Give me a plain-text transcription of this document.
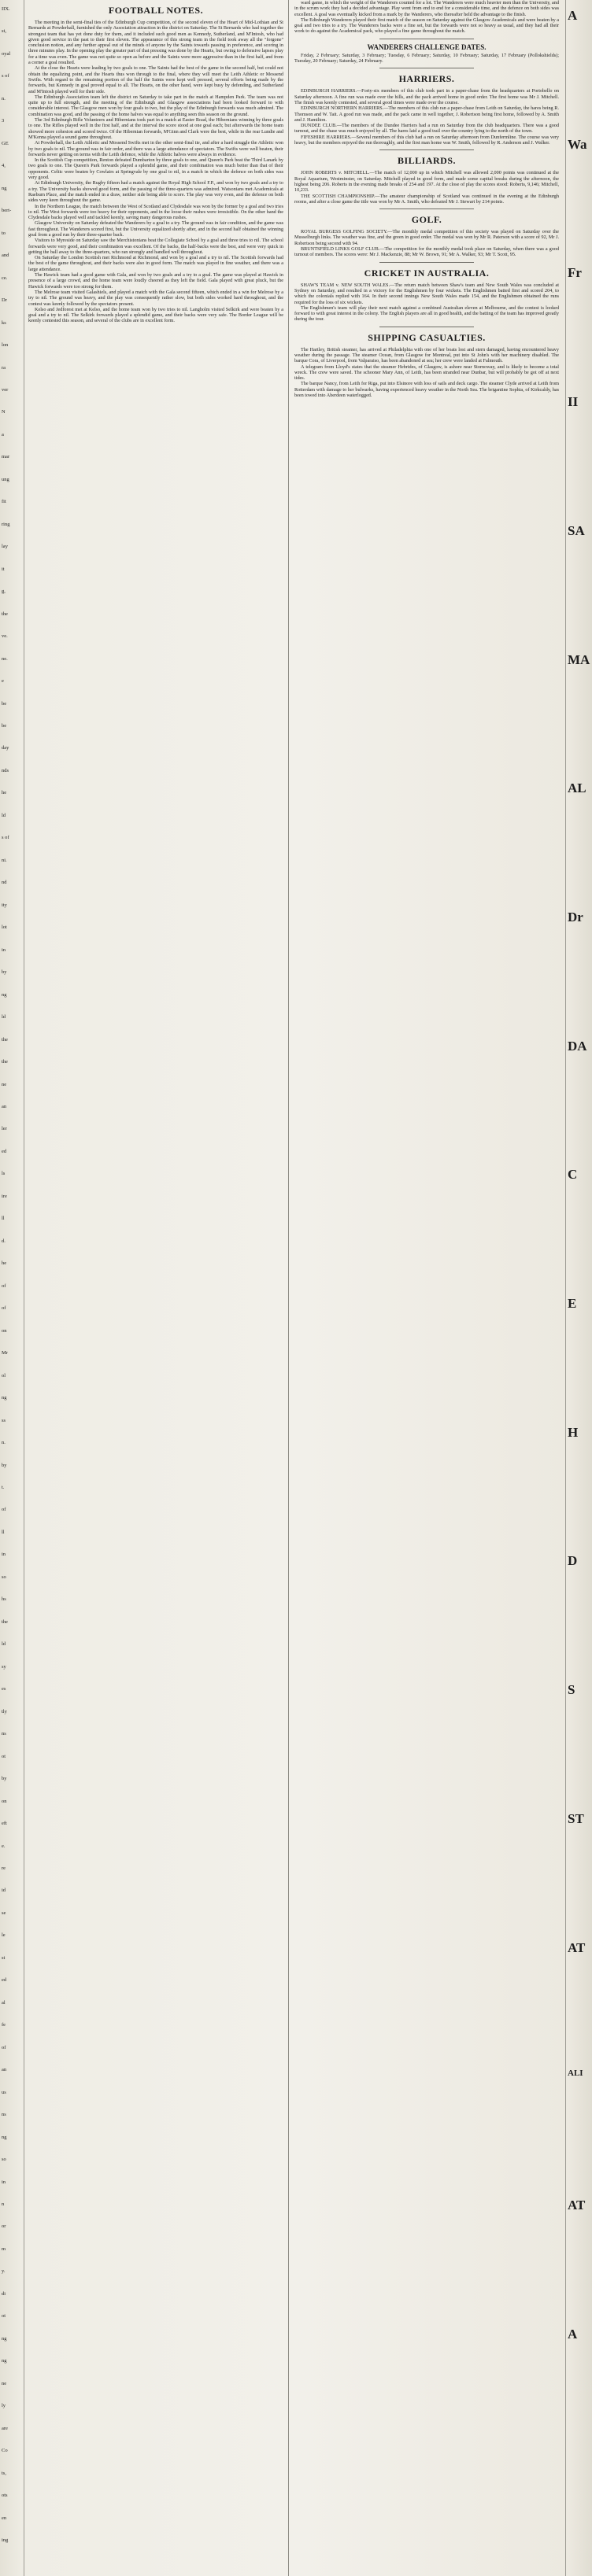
IIX.
st,
oyal
s of
n.
3
GE
4,
ng
bert-
to
and
ce.
Dr
ks
lon
ra
ver
N
a
mar
ung
fit
ring
lay
it
g,
the
ve.
ne.
e
be
be
day
nds
he
ld
s of
ni.
nd
ity
lot
in
by
ng
ld
the
the
ne
an
ler
ed
ls
ire
ll
d.
he
of
of
on
Mr
ol
ng
ss
n.
by
t.
of
ll
in
so
hs
the
ld
sy
es
tly
ns
ot
by
on
eft
e.
re
id
se
le
st
ed
al
fe
of
an
us
ns
ng
so
in
n
or
m
y.
di
ot
ng
ng
ne
ly
are
Co
ts,
ots
en
ing
FOOTBALL NOTES.

The meeting in the semi-final ties of the Edinburgh Cup competition, of the second eleven of the Heart of Mid-Lothian and St Bernards at Powderhall, furnished the only Association attraction in the district on Saturday. The St Bernards who had together the strongest team that has yet done duty for them, and it included such good men as Kennedy, Sutherland, and M'Intosh, who had given good service in the past to their first eleven. The appearance of this strong team in the field took away all the "forgone" conclusion notion, and any further appeal out of the minds of anyone by the Saints towards passing in preference, and scoring in three minutes play. In the opening play the greater part of that pressing was done by the Hearts, but owing to defensive lapses play for a time was even. The game was not quite so open as before and the Saints were more aggressive than in the first half, and from a corner a goal resulted.

At the close the Hearts were leading by two goals to one. The Saints had the best of the game in the second half, but could not obtain the equalizing point, and the Hearts thus won through to the final, where they will meet the Leith Athletic or Mossend Swifts. With regard to the remaining portion of the half the Saints were kept well pressed, several efforts being made by the forwards, but Kennedy in goal proved equal to all. The Hearts, on the other hand, were kept busy by defending, and Sutherland and M'Intosh played well for their side.

The Edinburgh Association team left the district on Saturday to take part in the match at Hampden Park. The team was not quite up to full strength, and the meeting of the Edinburgh and Glasgow associations had been looked forward to with considerable interest. The Glasgow men won by four goals to two, but the play of the Edinburgh forwards was much admired. The combination was good, and the passing of the home halves was equal to anything seen this season on the ground.

The 3rd Edinburgh Rifle Volunteers and Hibernians took part in a match at Easter Road, the Hibernians winning by three goals to one. The Rifles played well in the first half, and at the interval the score stood at one goal each; but afterwards the home team showed more cohesion and scored twice. Of the Hibernian forwards, M'Ginn and Clark were the best, while in the rear Lundie and M'Kenna played a sound game throughout.

At Powderhall, the Leith Athletic and Mossend Swifts met in the other semi-final tie, and after a hard struggle the Athletic won by two goals to nil. The ground was in fair order, and there was a large attendance of spectators. The Swifts were well beaten, their forwards never getting on terms with the Leith defence, while the Athletic halves were always in evidence.

In the Scottish Cup competition, Renton defeated Dumbarton by three goals to one, and Queen's Park beat the Third Lanark by two goals to one. The Queen's Park forwards played a splendid game, and their combination was much better than that of their opponents. Celtic were beaten by Cowlairs at Springvale by one goal to nil, in a match in which the defence on both sides was very good.

At Edinburgh University, the Rugby fifteen had a match against the Royal High School F.P., and won by two goals and a try to a try. The University backs showed good form, and the passing of the three-quarters was admired. Watsonians met Academicals at Raeburn Place, and the match ended in a draw, neither side being able to score. The play was very even, and the defence on both sides very keen throughout the game.

In the Northern League, the match between the West of Scotland and Clydesdale was won by the former by a goal and two tries to nil. The West forwards were too heavy for their opponents, and in the loose their rushes were irresistible. On the other hand the Clydesdale backs played well and tackled keenly, saving many dangerous rushes.

Glasgow University on Saturday defeated the Wanderers by a goal to a try. The ground was in fair condition, and the game was fast throughout. The Wanderers scored first, but the University equalized shortly after, and in the second half obtained the winning goal from a good run by their three-quarter back.

Visitors to Myreside on Saturday saw the Merchistonians beat the Collegiate School by a goal and three tries to nil. The school forwards were very good, and their combination was excellent. Of the backs, the half-backs were the best, and were very quick in getting the ball away to the three-quarters, who ran strongly and handled well throughout.

On Saturday the London Scottish met Richmond at Richmond, and won by a goal and a try to nil. The Scottish forwards had the best of the game throughout, and their backs were also in good form. The match was played in fine weather, and there was a large attendance.

The Hawick team had a good game with Gala, and won by two goals and a try to a goal. The game was played at Hawick in presence of a large crowd, and the home team were loudly cheered as they left the field. Gala played with great pluck, but the Hawick forwards were too strong for them.

The Melrose team visited Galashiels, and played a match with the Gala second fifteen, which ended in a win for Melrose by a try to nil. The ground was heavy, and the play was consequently rather slow, but both sides worked hard throughout, and the contest was keenly followed by the spectators present.

Kelso and Jedforest met at Kelso, and the home team won by two tries to nil. Langholm visited Selkirk and were beaten by a goal and a try to nil. The Selkirk forwards played a splendid game, and their backs were very safe. The Border League will be keenly contested this season, and several of the clubs are in excellent form.

ward game, in which the weight of the Wanderers counted for a lot. The Wanderers were much heavier men than the University, and in the scrum work they had a decided advantage. Play went from end to end for a considerable time, and the defence on both sides was excellent. A goal was eventually kicked from a mark by the Wanderers, who thereafter held the advantage to the finish.

The Edinburgh Wanderers played their first match of the season on Saturday against the Glasgow Academicals and were beaten by a goal and two tries to a try. The Wanderers backs were a fine set, but the forwards were not so heavy as usual, and they had all their work to do against the Academical pack, who played a fine game throughout the match.

WANDERERS CHALLENGE DATES.

Friday, 2 February; Saturday, 3 February; Tuesday, 6 February; Saturday, 10 February; Saturday, 17 February (Pollokshields); Tuesday, 20 February; Saturday, 24 February.

HARRIERS.

EDINBURGH HARRIERS.—Forty-six members of this club took part in a paper-chase from the headquarters at Portobello on Saturday afternoon. A fine run was made over the hills, and the pack arrived home in good order. The first home was Mr J. Mitchell. The finish was keenly contested, and several good times were made over the course.

EDINBURGH NORTHERN HARRIERS.—The members of this club ran a paper-chase from Leith on Saturday, the hares being R. Thomson and W. Tait. A good run was made, and the pack came in well together, J. Robertson being first home, followed by A. Smith and J. Hamilton.

DUNDEE CLUB.—The members of the Dundee Harriers had a run on Saturday from the club headquarters. There was a good turnout, and the chase was much enjoyed by all. The hares laid a good trail over the country lying to the north of the town.

FIFESHIRE HARRIERS.—Several members of this club had a run on Saturday afternoon from Dunfermline. The course was very heavy, but the members enjoyed the run thoroughly, and the first man home was W. Smith, followed by R. Anderson and J. Walker.

BILLIARDS.

JOHN ROBERTS v. MITCHELL.—The match of 12,000 up in which Mitchell was allowed 2,000 points was continued at the Royal Aquarium, Westminster, on Saturday. Mitchell played in good form, and made some capital breaks during the afternoon, the highest being 206. Roberts in the evening made breaks of 254 and 197. At the close of play the scores stood: Roberts, 9,146; Mitchell, 10,233.

THE SCOTTISH CHAMPIONSHIP.—The amateur championship of Scotland was continued in the evening at the Edinburgh rooms, and after a close game the title was won by Mr A. Smith, who defeated Mr J. Stewart by 214 points.

GOLF.

ROYAL BURGESS GOLFING SOCIETY.—The monthly medal competition of this society was played on Saturday over the Musselburgh links. The weather was fine, and the green in good order. The medal was won by Mr R. Paterson with a score of 92, Mr J. Robertson being second with 94.

BRUNTSFIELD LINKS GOLF CLUB.—The competition for the monthly medal took place on Saturday, when there was a good turnout of members. The scores were: Mr J. Mackenzie, 88; Mr W. Brown, 91; Mr A. Walker, 93; Mr T. Scott, 95.

CRICKET IN AUSTRALIA.

SHAW'S TEAM v. NEW SOUTH WALES.—The return match between Shaw's team and New South Wales was concluded at Sydney on Saturday, and resulted in a victory for the Englishmen by four wickets. The Englishmen batted first and scored 204, to which the colonials replied with 164. In their second innings New South Wales made 154, and the Englishmen obtained the runs required for the loss of six wickets.

The Englishmen's team will play their next match against a combined Australian eleven at Melbourne, and the contest is looked forward to with great interest in the colony. The English players are all in good health, and the batting of the team has improved greatly during the tour.

SHIPPING CASUALTIES.

The Hartley, British steamer, has arrived at Philadelphia with one of her boats lost and stern damaged, having encountered heavy weather during the passage. The steamer Ocean, from Glasgow for Montreal, put into St John's with her machinery disabled. The barque Cora, of Liverpool, from Valparaiso, has been abandoned at sea; her crew were landed at Falmouth.

A telegram from Lloyd's states that the steamer Hebrides, of Glasgow, is ashore near Stornoway, and is likely to become a total wreck. The crew were saved. The schooner Mary Ann, of Leith, has been stranded near Dunbar, but will probably be got off at next tides.

The barque Nancy, from Leith for Riga, put into Elsinore with loss of sails and deck cargo. The steamer Clyde arrived at Leith from Rotterdam with damage to her bulwarks, having experienced heavy weather in the North Sea. The brigantine Sophia, of Kirkcaldy, has been towed into Aberdeen waterlogged.

A
Wa
Fr
II
SA
MA
AL
Dr
DA
C
E
H
D
S
ST
AT
ALI
AT
A
